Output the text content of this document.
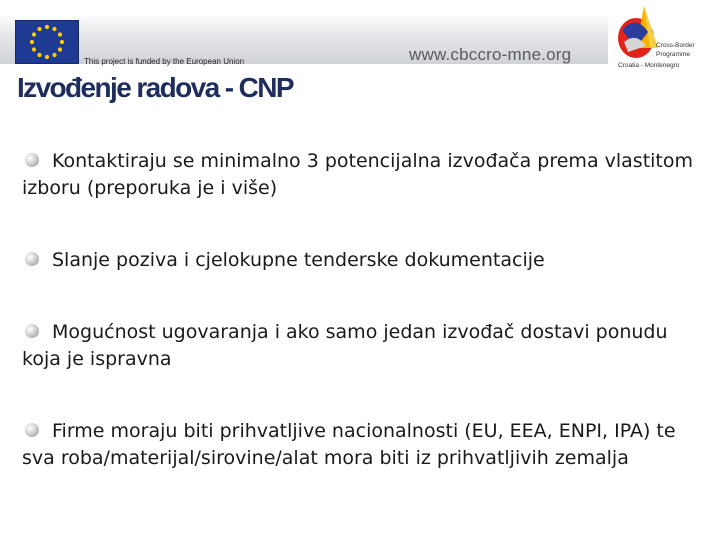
This project is funded by the European Union	www.cbccro-mne.org	Cross-Border
Programme
Croatia - Montenegro
Izvođenje radova - CNP

Kontaktiraju se minimalno 3 potencijalna izvođača prema vlastitom izboru (preporuka je i više)

Slanje poziva i cjelokupne tenderske dokumentacije

Mogućnost ugovaranja i ako samo jedan izvođač dostavi ponudu koja je ispravna

Firme moraju biti prihvatljive nacionalnosti (EU, EEA, ENPI, IPA) te sva roba/materijal/sirovine/alat mora biti iz prihvatljivih zemalja
